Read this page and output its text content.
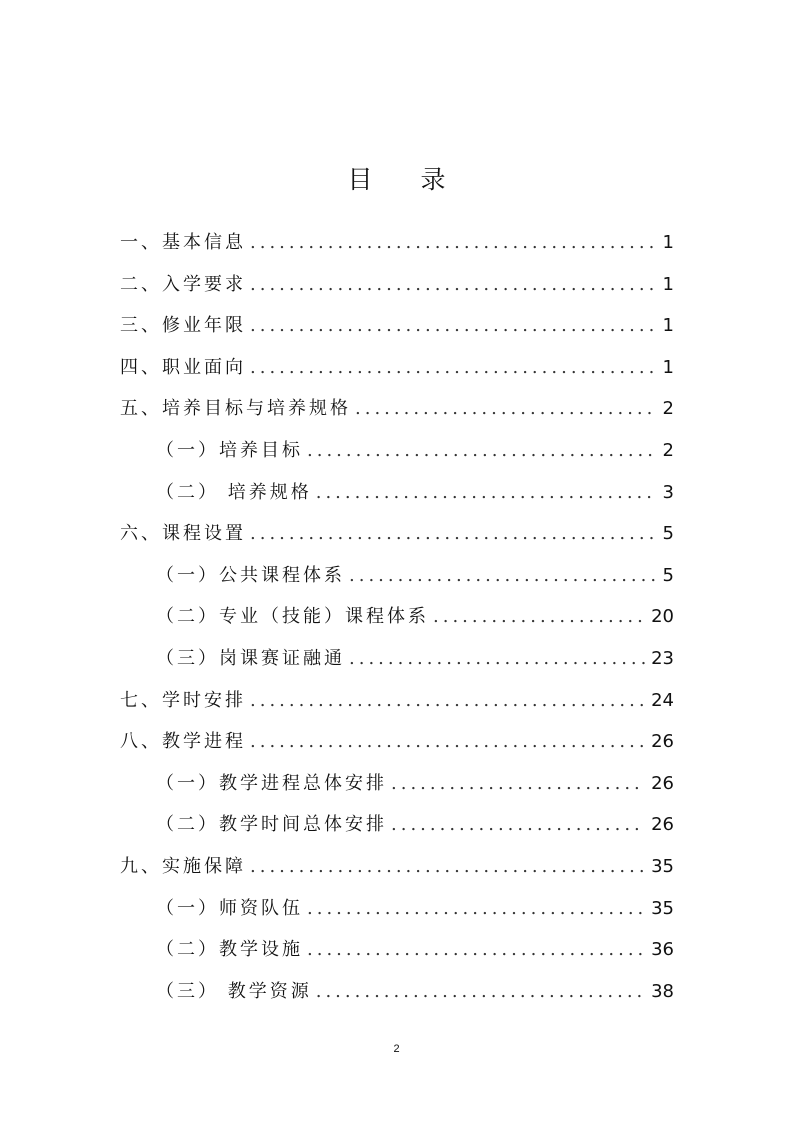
目 录
一、基本信息 .....	1
二、入学要求 .....	1
三、修业年限 .....	1
四、职业面向 .....	1
五、培养目标与培养规格 .....	2
（一）培养目标 .....	2
（二） 培养规格 .....	3
六、课程设置 .....	5
（一）公共课程体系 .....	5
（二）专业（技能）课程体系 .....	20
（三）岗课赛证融通 .....	23
七、学时安排 .....	24
八、教学进程 .....	26
（一）教学进程总体安排 .....	26
（二）教学时间总体安排 .....	26
九、实施保障 .....	35
（一）师资队伍 .....	35
（二）教学设施 .....	36
（三） 教学资源 .....	38
2
